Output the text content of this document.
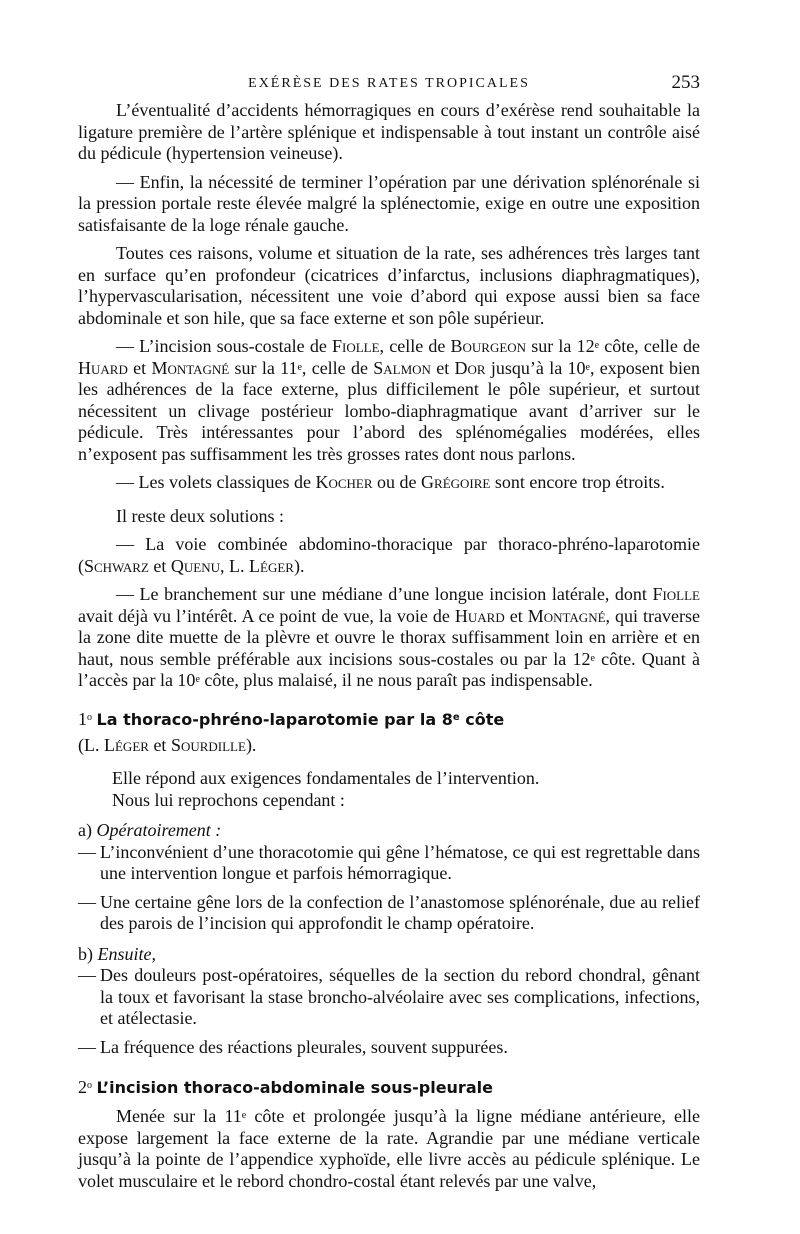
EXÉRÈSE DES RATES TROPICALES	253

L’éventualité d’accidents hémorragiques en cours d’exérèse rend souhaitable la ligature première de l’artère splénique et indispensable à tout instant un contrôle aisé du pédicule (hypertension veineuse).

— Enfin, la nécessité de terminer l’opération par une dérivation splénorénale si la pression portale reste élevée malgré la splénectomie, exige en outre une exposition satisfaisante de la loge rénale gauche.

Toutes ces raisons, volume et situation de la rate, ses adhérences très larges tant en surface qu’en profondeur (cicatrices d’infarctus, inclusions diaphragmatiques), l’hypervascularisation, nécessitent une voie d’abord qui expose aussi bien sa face abdominale et son hile, que sa face externe et son pôle supérieur.

— L’incision sous-costale de Fiolle, celle de Bourgeon sur la 12e côte, celle de Huard et Montagné sur la 11e, celle de Salmon et Dor jusqu’à la 10e, exposent bien les adhérences de la face externe, plus difficilement le pôle supérieur, et surtout nécessitent un clivage postérieur lombo-diaphragmatique avant d’arriver sur le pédicule. Très intéressantes pour l’abord des splénomégalies modérées, elles n’exposent pas suffisamment les très grosses rates dont nous parlons.

— Les volets classiques de Kocher ou de Grégoire sont encore trop étroits.

Il reste deux solutions :

— La voie combinée abdomino-thoracique par thoraco-phréno-laparotomie (Schwarz et Quenu, L. Léger).

— Le branchement sur une médiane d’une longue incision latérale, dont Fiolle avait déjà vu l’intérêt. A ce point de vue, la voie de Huard et Montagné, qui traverse la zone dite muette de la plèvre et ouvre le thorax suffisamment loin en arrière et en haut, nous semble préférable aux incisions sous-costales ou par la 12e côte. Quant à l’accès par la 10e côte, plus malaisé, il ne nous paraît pas indispensable.

1$^o$ La thoraco-phréno-laparotomie par la 8e côte

(L. Léger et Sourdille).

Elle répond aux exigences fondamentales de l’intervention.

Nous lui reprochons cependant :

a) Opératoirement :

— L’inconvénient d’une thoracotomie qui gêne l’hématose, ce qui est regrettable dans une intervention longue et parfois hémorragique.

— Une certaine gêne lors de la confection de l’anastomose splénorénale, due au relief des parois de l’incision qui approfondit le champ opératoire.

b) Ensuite,

— Des douleurs post-opératoires, séquelles de la section du rebord chondral, gênant la toux et favorisant la stase broncho-alvéolaire avec ses complications, infections, et atélectasie.

— La fréquence des réactions pleurales, souvent suppurées.

2$^o$ L’incision thoraco-abdominale sous-pleurale

Menée sur la 11e côte et prolongée jusqu’à la ligne médiane antérieure, elle expose largement la face externe de la rate. Agrandie par une médiane verticale jusqu’à la pointe de l’appendice xyphoïde, elle livre accès au pédicule splénique. Le volet musculaire et le rebord chondro-costal étant relevés par une valve,
